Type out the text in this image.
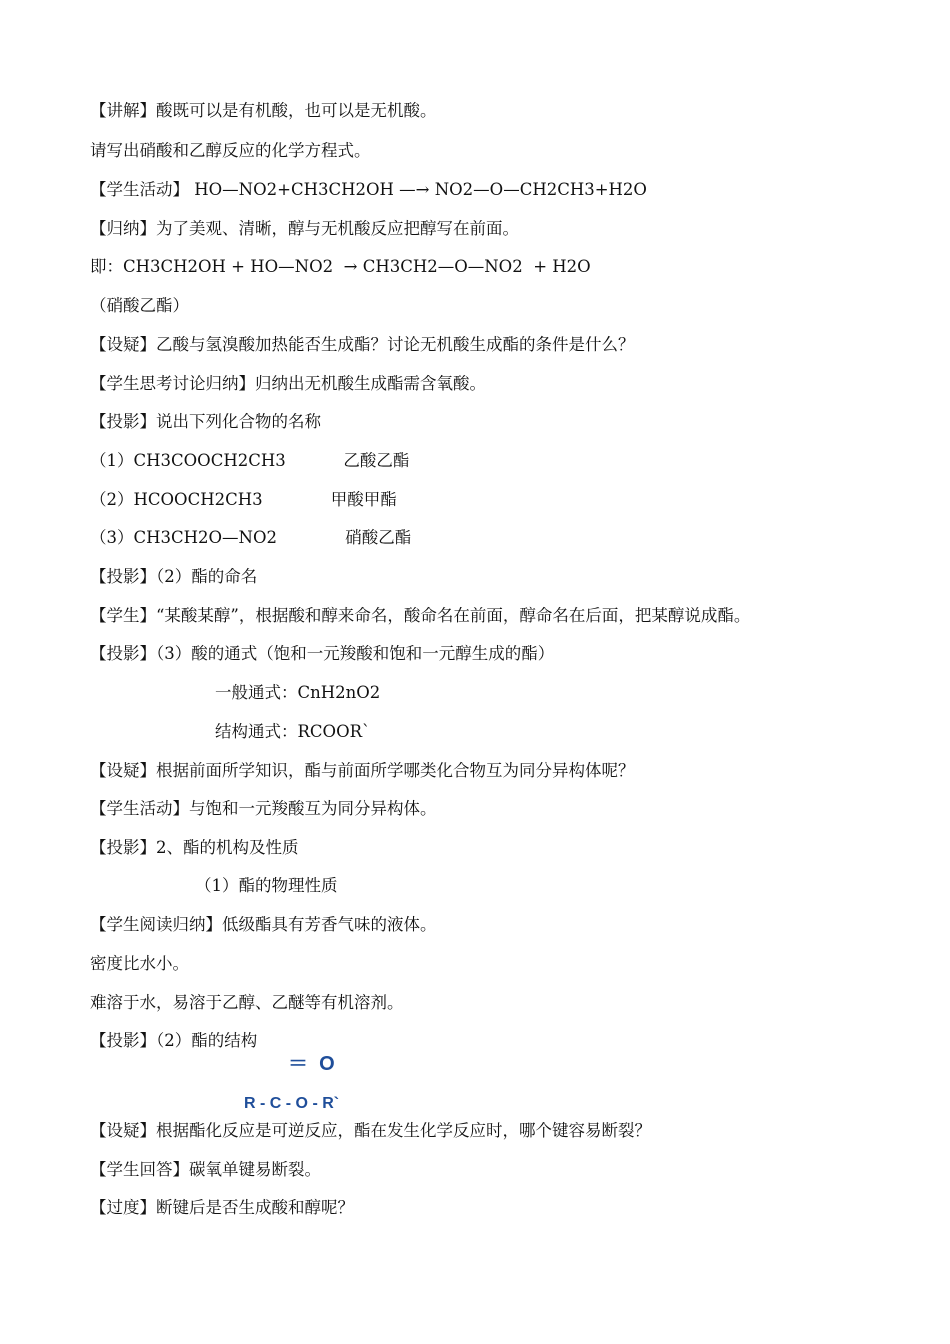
【讲解】酸既可以是有机酸，也可以是无机酸。
请写出硝酸和乙醇反应的化学方程式。
【学生活动】 HO—NO2+CH3CH2OH —→ NO2—O—CH2CH3+H2O
【归纳】为了美观、清晰，醇与无机酸反应把醇写在前面。
即：CH3CH2OH + HO—NO2  → CH3CH2—O—NO2  + H2O
（硝酸乙酯）
【设疑】乙酸与氢溴酸加热能否生成酯？讨论无机酸生成酯的条件是什么？
【学生思考讨论归纳】归纳出无机酸生成酯需含氧酸。
【投影】说出下列化合物的名称
（1）CH3COOCH2CH3           乙酸乙酯
（2）HCOOCH2CH3             甲酸甲酯
（3）CH3CH2O—NO2             硝酸乙酯
【投影】（2）酯的命名
【学生】“某酸某醇”，根据酸和醇来命名，酸命名在前面，醇命名在后面，把某醇说成酯。
【投影】（3）酸的通式（饱和一元羧酸和饱和一元醇生成的酯）
一般通式：CnH2nO2
结构通式：RCOOR`
【设疑】根据前面所学知识，酯与前面所学哪类化合物互为同分异构体呢？
【学生活动】与饱和一元羧酸互为同分异构体。
【投影】2、酯的机构及性质
（1）酯的物理性质
【学生阅读归纳】低级酯具有芳香气味的液体。
密度比水小。
难溶于水，易溶于乙醇、乙醚等有机溶剂。
【投影】（2）酯的结构
＝  O
R - C - O - R`
【设疑】根据酯化反应是可逆反应，酯在发生化学反应时，哪个键容易断裂？
【学生回答】碳氧单键易断裂。
【过度】断键后是否生成酸和醇呢？
